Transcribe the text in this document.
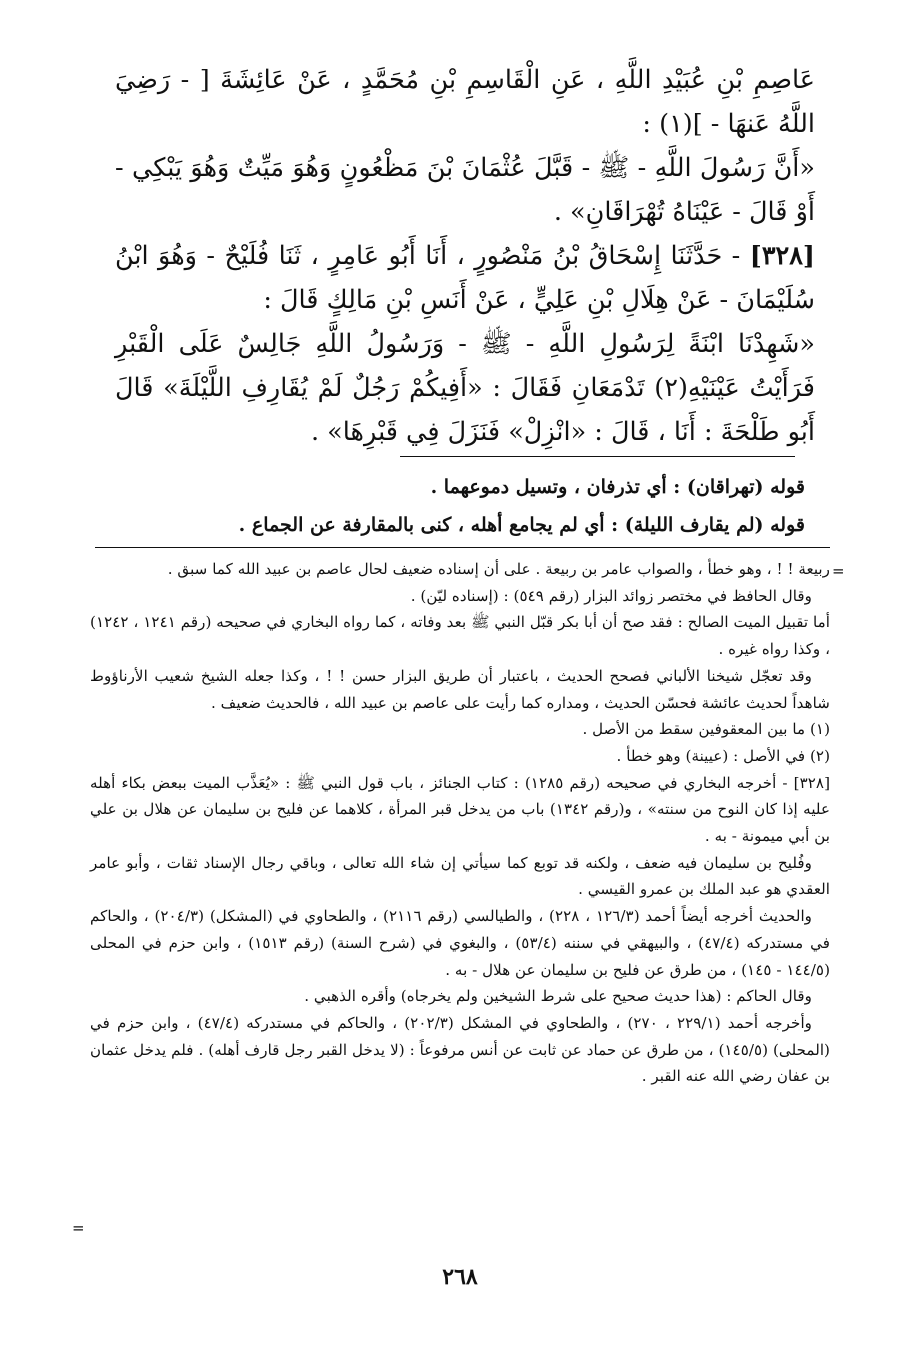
عَاصِمِ بْنِ عُبَيْدِ اللَّهِ ، عَنِ الْقَاسِمِ بْنِ مُحَمَّدٍ ، عَنْ عَائِشَةَ [ - رَضِيَ اللَّهُ عَنهَا - ](١) :

«أَنَّ رَسُولَ اللَّهِ - ﷺ - قَبَّلَ عُثْمَانَ بْنَ مَظْعُونٍ وَهُوَ مَيِّتٌ وَهُوَ يَبْكِي - أَوْ قَالَ - عَيْنَاهُ تُهْرَاقَانِ» .

[٣٢٨] - حَدَّثَنَا إِسْحَاقُ بْنُ مَنْصُورٍ ، أَنَا أَبُو عَامِرٍ ، ثَنَا فُلَيْحٌ - وَهُوَ ابْنُ سُلَيْمَانَ - عَنْ هِلَالِ بْنِ عَلِيٍّ ، عَنْ أَنَسِ بْنِ مَالِكٍ قَالَ :

«شَهِدْنَا ابْنَةً لِرَسُولِ اللَّهِ - ﷺ - وَرَسُولُ اللَّهِ جَالِسٌ عَلَى الْقَبْرِ فَرَأَيْتُ عَيْنَيْهِ(٢) تَدْمَعَانِ فَقَالَ : «أَفِيكُمْ رَجُلٌ لَمْ يُقَارِفِ اللَّيْلَةَ» قَالَ أَبُو طَلْحَةَ : أَنَا ، قَالَ : «انْزِلْ» فَنَزَلَ فِي قَبْرِهَا» .

قوله (تهراقان) : أي تذرفان ، وتسيل دموعهما .

قوله (لم يقارف الليلة) : أي لم يجامع أهله ، كنى بالمقارفة عن الجماع .

=

ربيعة ! ! ، وهو خطأ ، والصواب عامر بن ربيعة . على أن إسناده ضعيف لحال عاصم بن عبيد الله كما سبق .

وقال الحافظ في مختصر زوائد البزار (رقم ٥٤٩) : (إسناده ليّن) .

أما تقبيل الميت الصالح : فقد صح أن أبا بكر قبّل النبي ﷺ بعد وفاته ، كما رواه البخاري في صحيحه (رقم ١٢٤١ ، ١٢٤٢) ، وكذا رواه غيره .

وقد تعجّل شيخنا الألباني فصحح الحديث ، باعتبار أن طريق البزار حسن ! ! ، وكذا جعله الشيخ شعيب الأرناؤوط شاهداً لحديث عائشة فحسّن الحديث ، ومداره كما رأيت على عاصم بن عبيد الله ، فالحديث ضعيف .

(١) ما بين المعقوفين سقط من الأصل .

(٢) في الأصل : (عيينة) وهو خطأ .

[٣٢٨] - أخرجه البخاري في صحيحه (رقم ١٢٨٥) : كتاب الجنائز ، باب قول النبي ﷺ : «يُعَذَّب الميت ببعض بكاء أهله عليه إذا كان النوح من سنته» ، و(رقم ١٣٤٢) باب من يدخل قبر المرأة ، كلاهما عن فليح بن سليمان عن هلال بن علي بن أبي ميمونة - به .

وفُليح بن سليمان فيه ضعف ، ولكنه قد توبع كما سيأتي إن شاء الله تعالى ، وباقي رجال الإسناد ثقات ، وأبو عامر العقدي هو عبد الملك بن عمرو القيسي .

والحديث أخرجه أيضاً أحمد (١٢٦/٣ ، ٢٢٨) ، والطيالسي (رقم ٢١١٦) ، والطحاوي في (المشكل) (٢٠٤/٣) ، والحاكم في مستدركه (٤٧/٤) ، والبيهقي في سننه (٥٣/٤) ، والبغوي في (شرح السنة) (رقم ١٥١٣) ، وابن حزم في المحلى (١٤٤/٥ - ١٤٥) ، من طرق عن فليح بن سليمان عن هلال - به .

وقال الحاكم : (هذا حديث صحيح على شرط الشيخين ولم يخرجاه) وأقره الذهبي .

وأخرجه أحمد (٢٢٩/١ ، ٢٧٠) ، والطحاوي في المشكل (٢٠٢/٣) ، والحاكم في مستدركه (٤٧/٤) ، وابن حزم في (المحلى) (١٤٥/٥) ، من طرق عن حماد عن ثابت عن أنس مرفوعاً : (لا يدخل القبر رجل قارف أهله) . فلم يدخل عثمان بن عفان رضي الله عنه القبر .

=
٢٦٨
